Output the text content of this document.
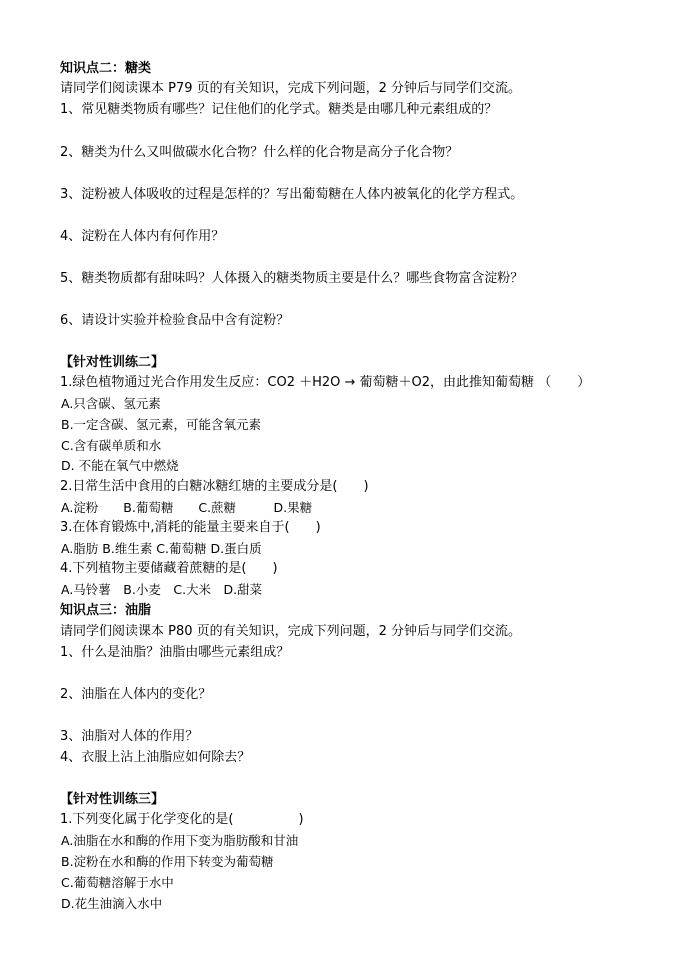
知识点二：糖类
请同学们阅读课本 P79 页的有关知识，完成下列问题，2 分钟后与同学们交流。
1、常见糖类物质有哪些？记住他们的化学式。糖类是由哪几种元素组成的？
2、糖类为什么又叫做碳水化合物？什么样的化合物是高分子化合物？
3、淀粉被人体吸收的过程是怎样的？写出葡萄糖在人体内被氧化的化学方程式。
4、淀粉在人体内有何作用？
5、糖类物质都有甜味吗？人体摄入的糖类物质主要是什么？哪些食物富含淀粉？
6、请设计实验并检验食品中含有淀粉？
【针对性训练二】
1.绿色植物通过光合作用发生反应：CO2 ＋H2O → 葡萄糖＋O2，由此推知葡萄糖 （　　）
A.只含碳、氢元素
B.一定含碳、氢元素，可能含氧元素
C.含有碳单质和水
D. 不能在氧气中燃烧
2.日常生活中食用的白糖冰糖红塘的主要成分是(　　)
A.淀粉　　B.葡萄糖　　C.蔗糖　　　D.果糖
3.在体育锻炼中,消耗的能量主要来自于(　　)
A.脂肪 B.维生素 C.葡萄糖 D.蛋白质
4.下列植物主要储藏着蔗糖的是(　　)
A.马铃薯　B.小麦　C.大米　D.甜菜
知识点三：油脂
请同学们阅读课本 P80 页的有关知识，完成下列问题，2 分钟后与同学们交流。
1、什么是油脂？油脂由哪些元素组成？
2、油脂在人体内的变化？
3、油脂对人体的作用？
4、衣服上沾上油脂应如何除去？
【针对性训练三】
1.下列变化属于化学变化的是(　　　　　)
A.油脂在水和酶的作用下变为脂肪酸和甘油
B.淀粉在水和酶的作用下转变为葡萄糖
C.葡萄糖溶解于水中
D.花生油滴入水中
